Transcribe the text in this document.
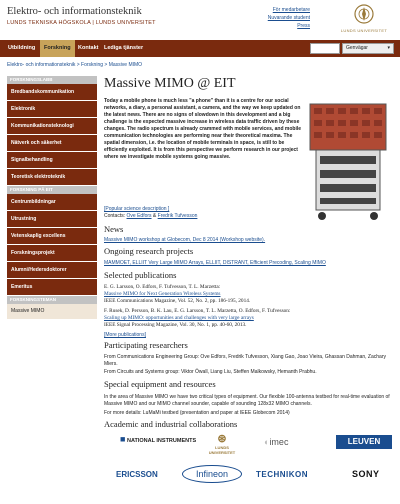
Elektro- och informationsteknik
LUNDS TEKNISKA HÖGSKOLA | LUNDS UNIVERSITET
För medarbetare
Nuvarande student
Press
LUNDS UNIVERSITET
Utbildning	Forskning	Kontakt	Lediga tjänster	Genvägar	▾
Elektro- och informationsteknik > Forskning > Massive MIMO
FORSKNINGSLABB
Bredbandskommunikation
Elektronik
Kommunikationsteknologi
Nätverk och säkerhet
Signalbehandling
Teoretisk elektroteknik
FORSKNING PÅ EIT
Centrumbildningar
Utrustning
Vetenskaplig excellens
Forskningsprojekt
Alumni/Hedersdoktorer
Emeritus
FORSKNINGSTEMAN
Massive MIMO
Massive MIMO @ EIT
Today a mobile phone is much less "a phone" than it is a centre for our social networks, a diary, a personal assistant, a camera, and the way we keep updated on the latest news. There are no signs of slowdown in this development and a big challenge is the expected massive increase in wireless data traffic driven by these changes. The radio spectrum is already crammed with mobile services, and mobile communication technologies are performing near their theoretical maxima. The spatial dimension, i.e. the location of mobile terminals in space, is still to be efficiently exploited. It is from this perspective we perform research in our project where we investigate mobile systems going massive.
[Popular science description ]
Contacts: Ove Edfors & Fredrik Tufvesson
News
Massive MIMO workshop at Globecom, Dec 8 2014 (Workshop website).
Ongoing research projects
MAMMOET, ELLIIT Very Large MIMO Arrays, ELLIIT, DISTRANT, Efficient Precoding, Scaling MIMO
Selected publications
E. G. Larsson, O. Edfors, F. Tufvesson, T. L. Marzetta:
Massive MIMO for Next Generation Wireless Systems
IEEE Communications Magazine, Vol. 52, No. 2, pp. 186-195, 2014.
F. Rusek, D. Persson, B. K. Lau, E. G. Larsson, T. L. Marzetta, O. Edfors, F. Tufvesson:
Scaling up MIMO: opportunities and challenges with very large arrays
IEEE Signal Processing Magazine, Vol. 30, No. 1, pp. 40-60, 2013.
[More publications]
Participating researchers
From Communications Engineering Group: Ove Edfors, Fredrik Tufvesson, Xiang Gao, Joao Vieira, Ghassan Dahman, Zachary Miers.
From Circuits and Systems group: Viktor Öwall, Liang Liu, Steffen Malkowsky, Hemanth Prabhu.
Special equipment and resources
In the area of Massive MIMO we have two critical types of equipment. Our flexible 100-antenna testbed for real-time evaluation of Massive MIMO and our MIMO channel sounder, capable of sounding 128x32 MIMO channels.
For more details: LuMaMi testbed (presentation and paper at IEEE Globecom 2014)
Academic and industrial collaborations
■ NATIONAL INSTRUMENTS	⊛
LUNDS UNIVERSITET
◐imec	LEUVEN
ERICSSON	Infineon	TECHNIKON	SONY
